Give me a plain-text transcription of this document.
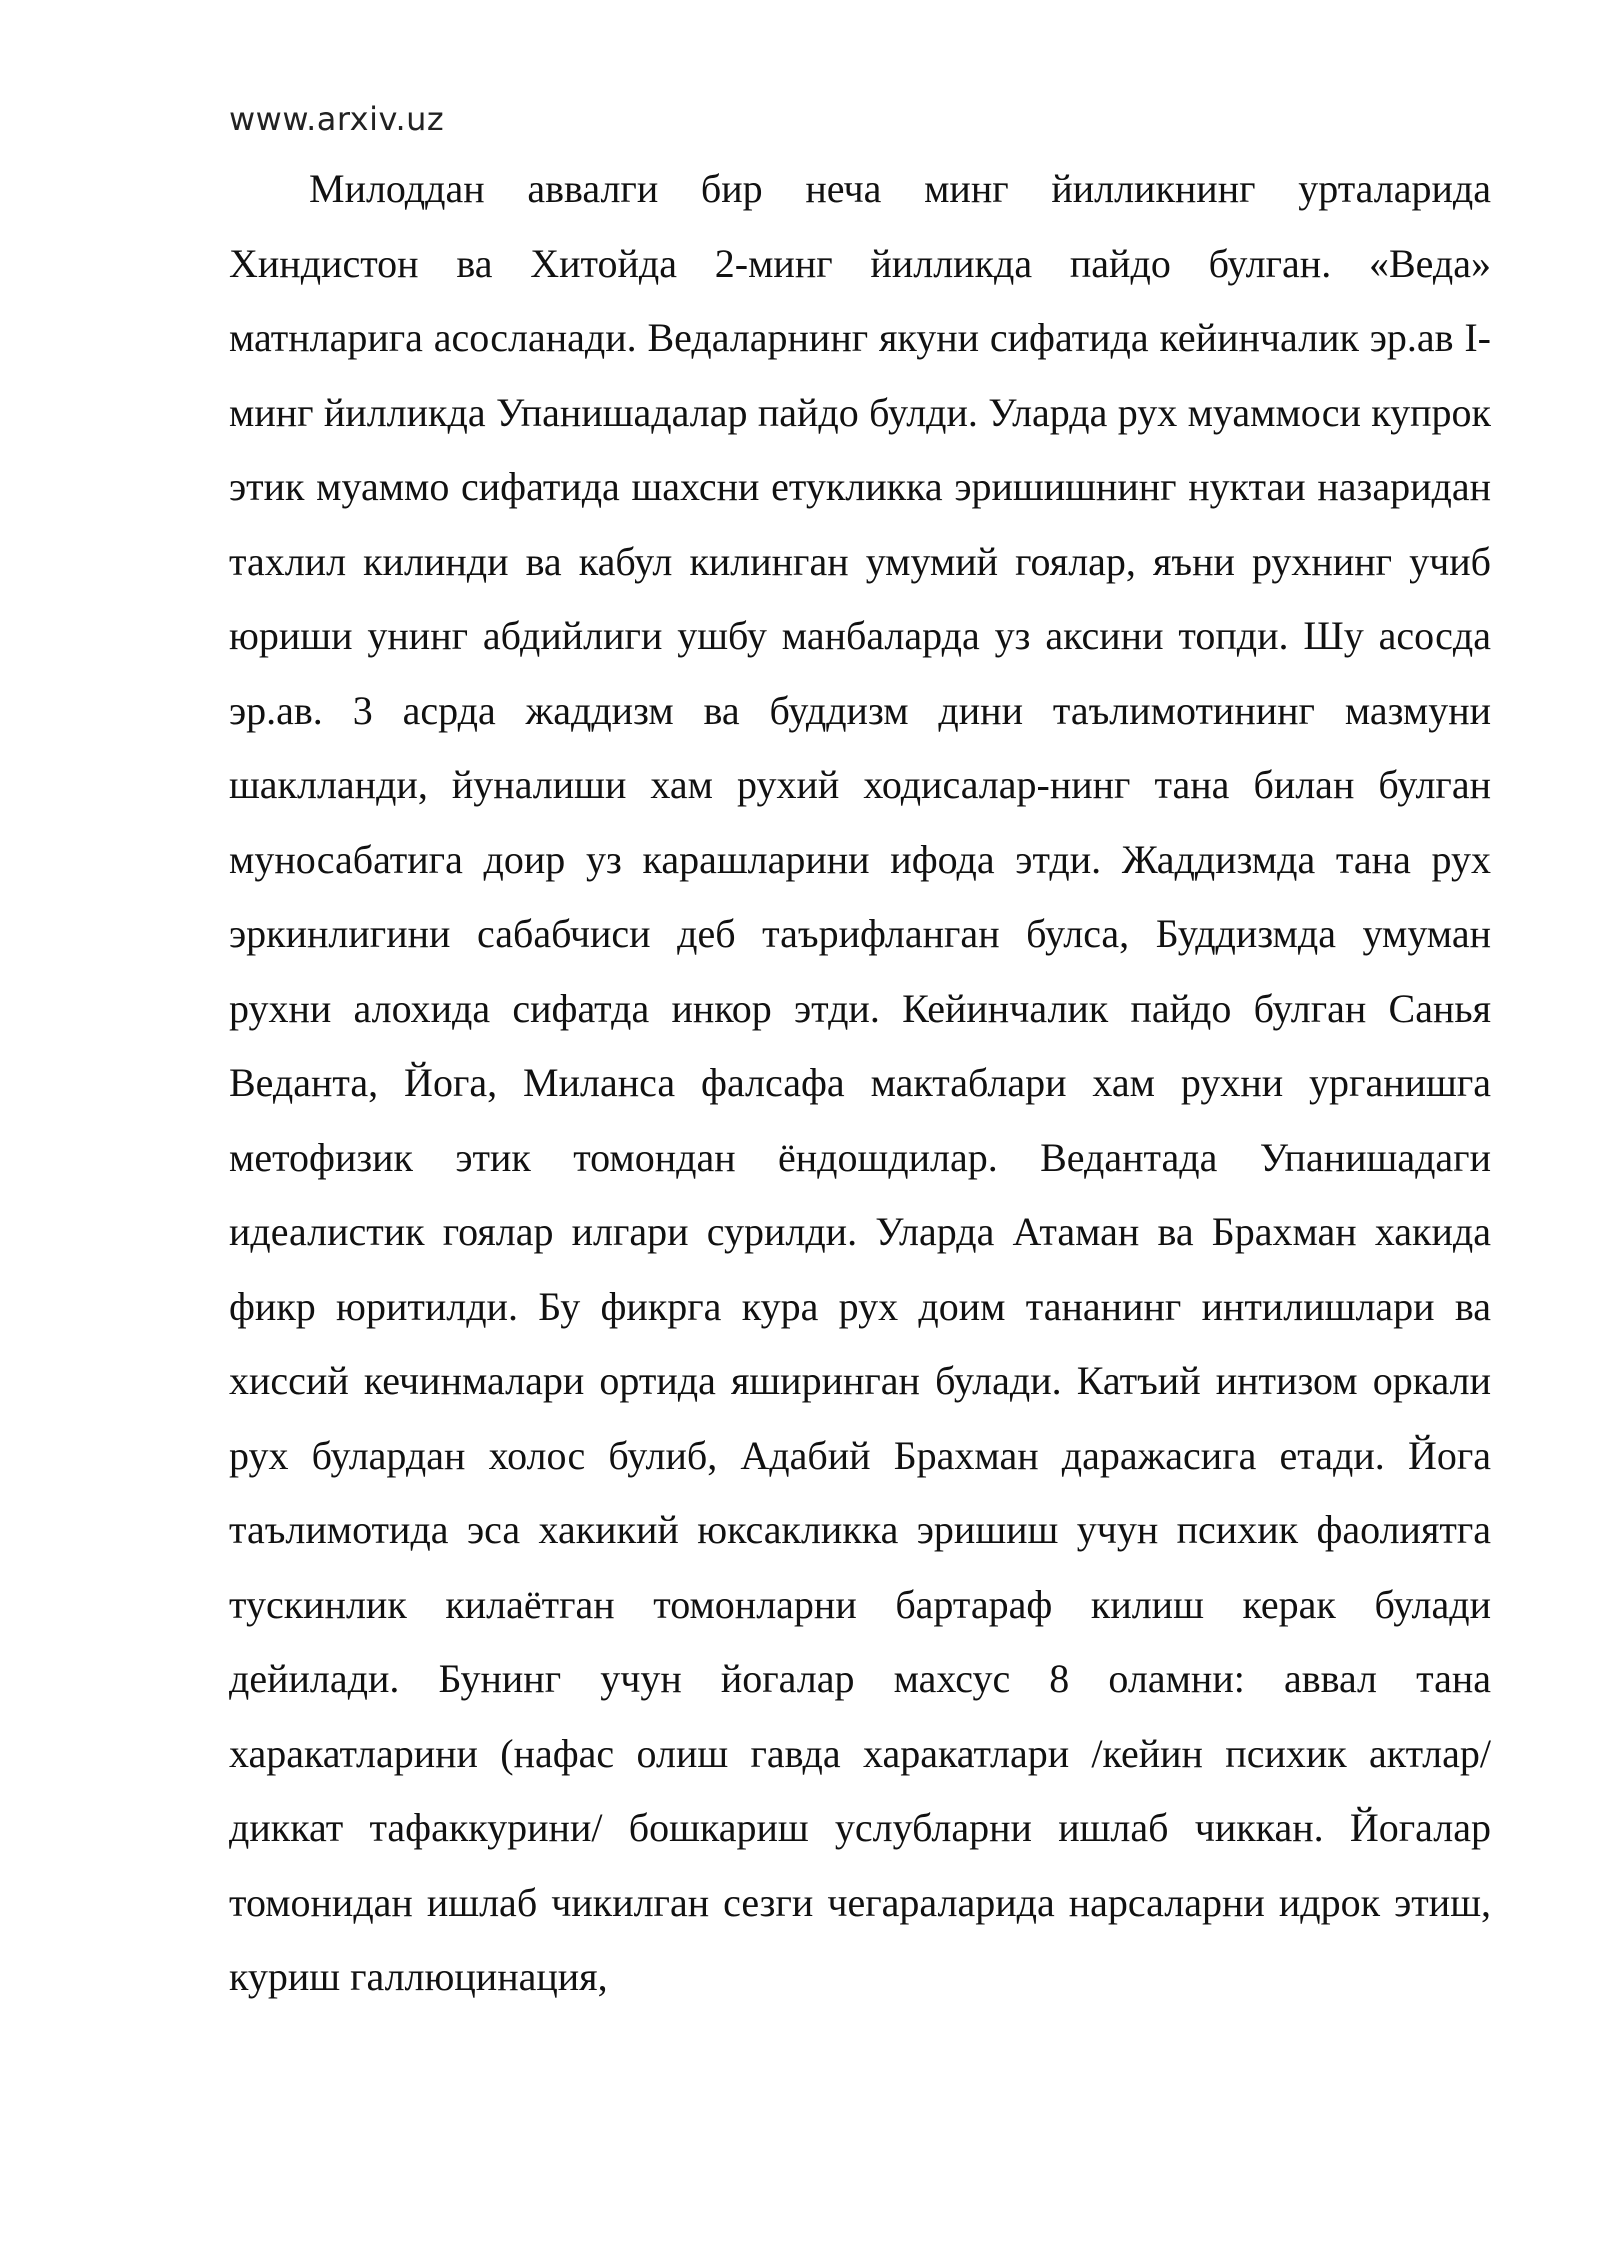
www.arxiv.uz

Милоддан аввалги бир неча минг йилликнинг урталарида Хиндистон ва Хитойда 2-минг йилликда пайдо булган. «Веда» матнларига асосланади. Ведаларнинг якуни сифатида кейинчалик эр.ав I-минг йилликда Упанишадалар пайдо булди. Уларда рух муаммоси купрок этик муаммо сифатида шахсни етукликка эришишнинг нуктаи назаридан тахлил килинди ва кабул килинган умумий гоялар, яъни рухнинг учиб юриши унинг абдийлиги ушбу манбаларда уз аксини топди. Шу асосда эр.ав. 3 асрда жаддизм ва буддизм дини таълимотининг мазмуни шаклланди, йуналиши хам рухий ходисалар-нинг тана билан булган муносабатига доир уз карашларини ифода этди. Жаддизмда тана рух эркинлигини сабабчиси деб таърифланган булса, Буддизмда умуман рухни алохида сифатда инкор этди. Кейинчалик пайдо булган Санья Веданта, Йога, Миланса фалсафа мактаблари хам рухни урганишга метофизик этик томондан ёндошдилар. Ведантада Упанишадаги идеалистик гоялар илгари сурилди. Уларда Атаман ва Брахман хакида фикр юритилди. Бу фикрга кура рух доим тананинг интилишлари ва хиссий кечинмалари ортида яширинган булади. Катъий интизом оркали рух булардан холос булиб, Адабий Брахман даражасига етади. Йога таълимотида эса хакикий юксакликка эришиш учун психик фаолиятга тускинлик килаётган томонларни бартараф килиш керак булади дейилади. Бунинг учун йогалар махсус 8 оламни: аввал тана харакатларини (нафас олиш гавда харакатлари /кейин психик актлар/ диккат тафаккурини/ бошкариш услубларни ишлаб чиккан. Йогалар томонидан ишлаб чикилган сезги чегараларида нарсаларни идрок этиш, куриш галлюцинация,
